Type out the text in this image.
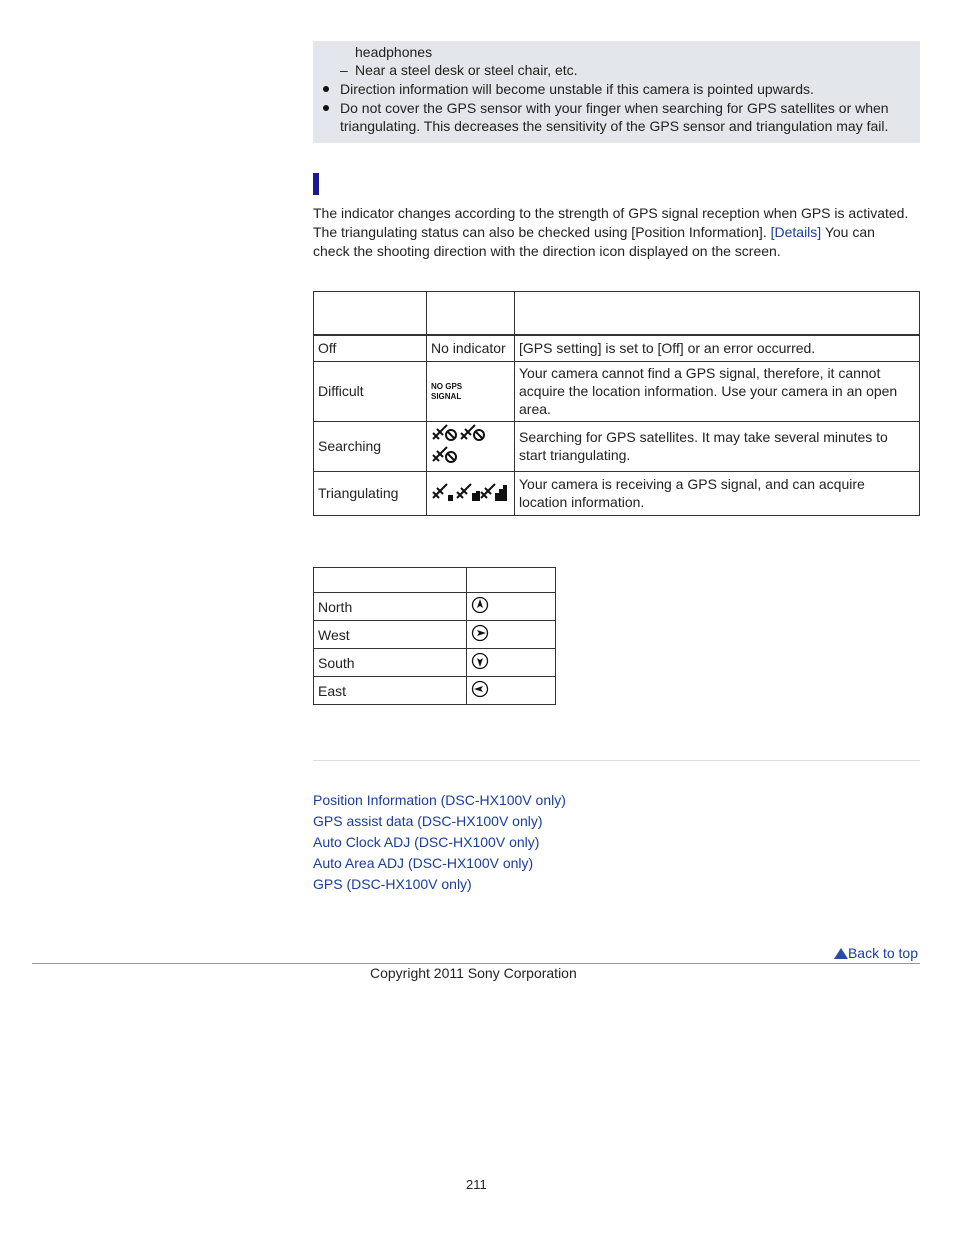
headphones
– Near a steel desk or steel chair, etc.
Direction information will become unstable if this camera is pointed upwards.
Do not cover the GPS sensor with your finger when searching for GPS satellites or when
triangulating. This decreases the sensitivity of the GPS sensor and triangulation may fail.
The indicator changes according to the strength of GPS signal reception when GPS is activated.
The triangulating status can also be checked using [Position Information]. [Details] You can
check the shooting direction with the direction icon displayed on the screen.

Off	No indicator	[GPS setting] is set to [Off] or an error occurred.
Difficult	NO GPS
SIGNAL	Your camera cannot find a GPS signal, therefore, it cannot acquire the location information. Use your camera in an open area.
Searching		Searching for GPS satellites. It may take several minutes to start triangulating.
Triangulating		Your camera is receiving a GPS signal, and can acquire location information.

North	
West	
South	
East	
Position Information (DSC-HX100V only)
GPS assist data (DSC-HX100V only)
Auto Clock ADJ (DSC-HX100V only)
Auto Area ADJ (DSC-HX100V only)
GPS (DSC-HX100V only)
Back to top
Copyright 2011 Sony Corporation
211
